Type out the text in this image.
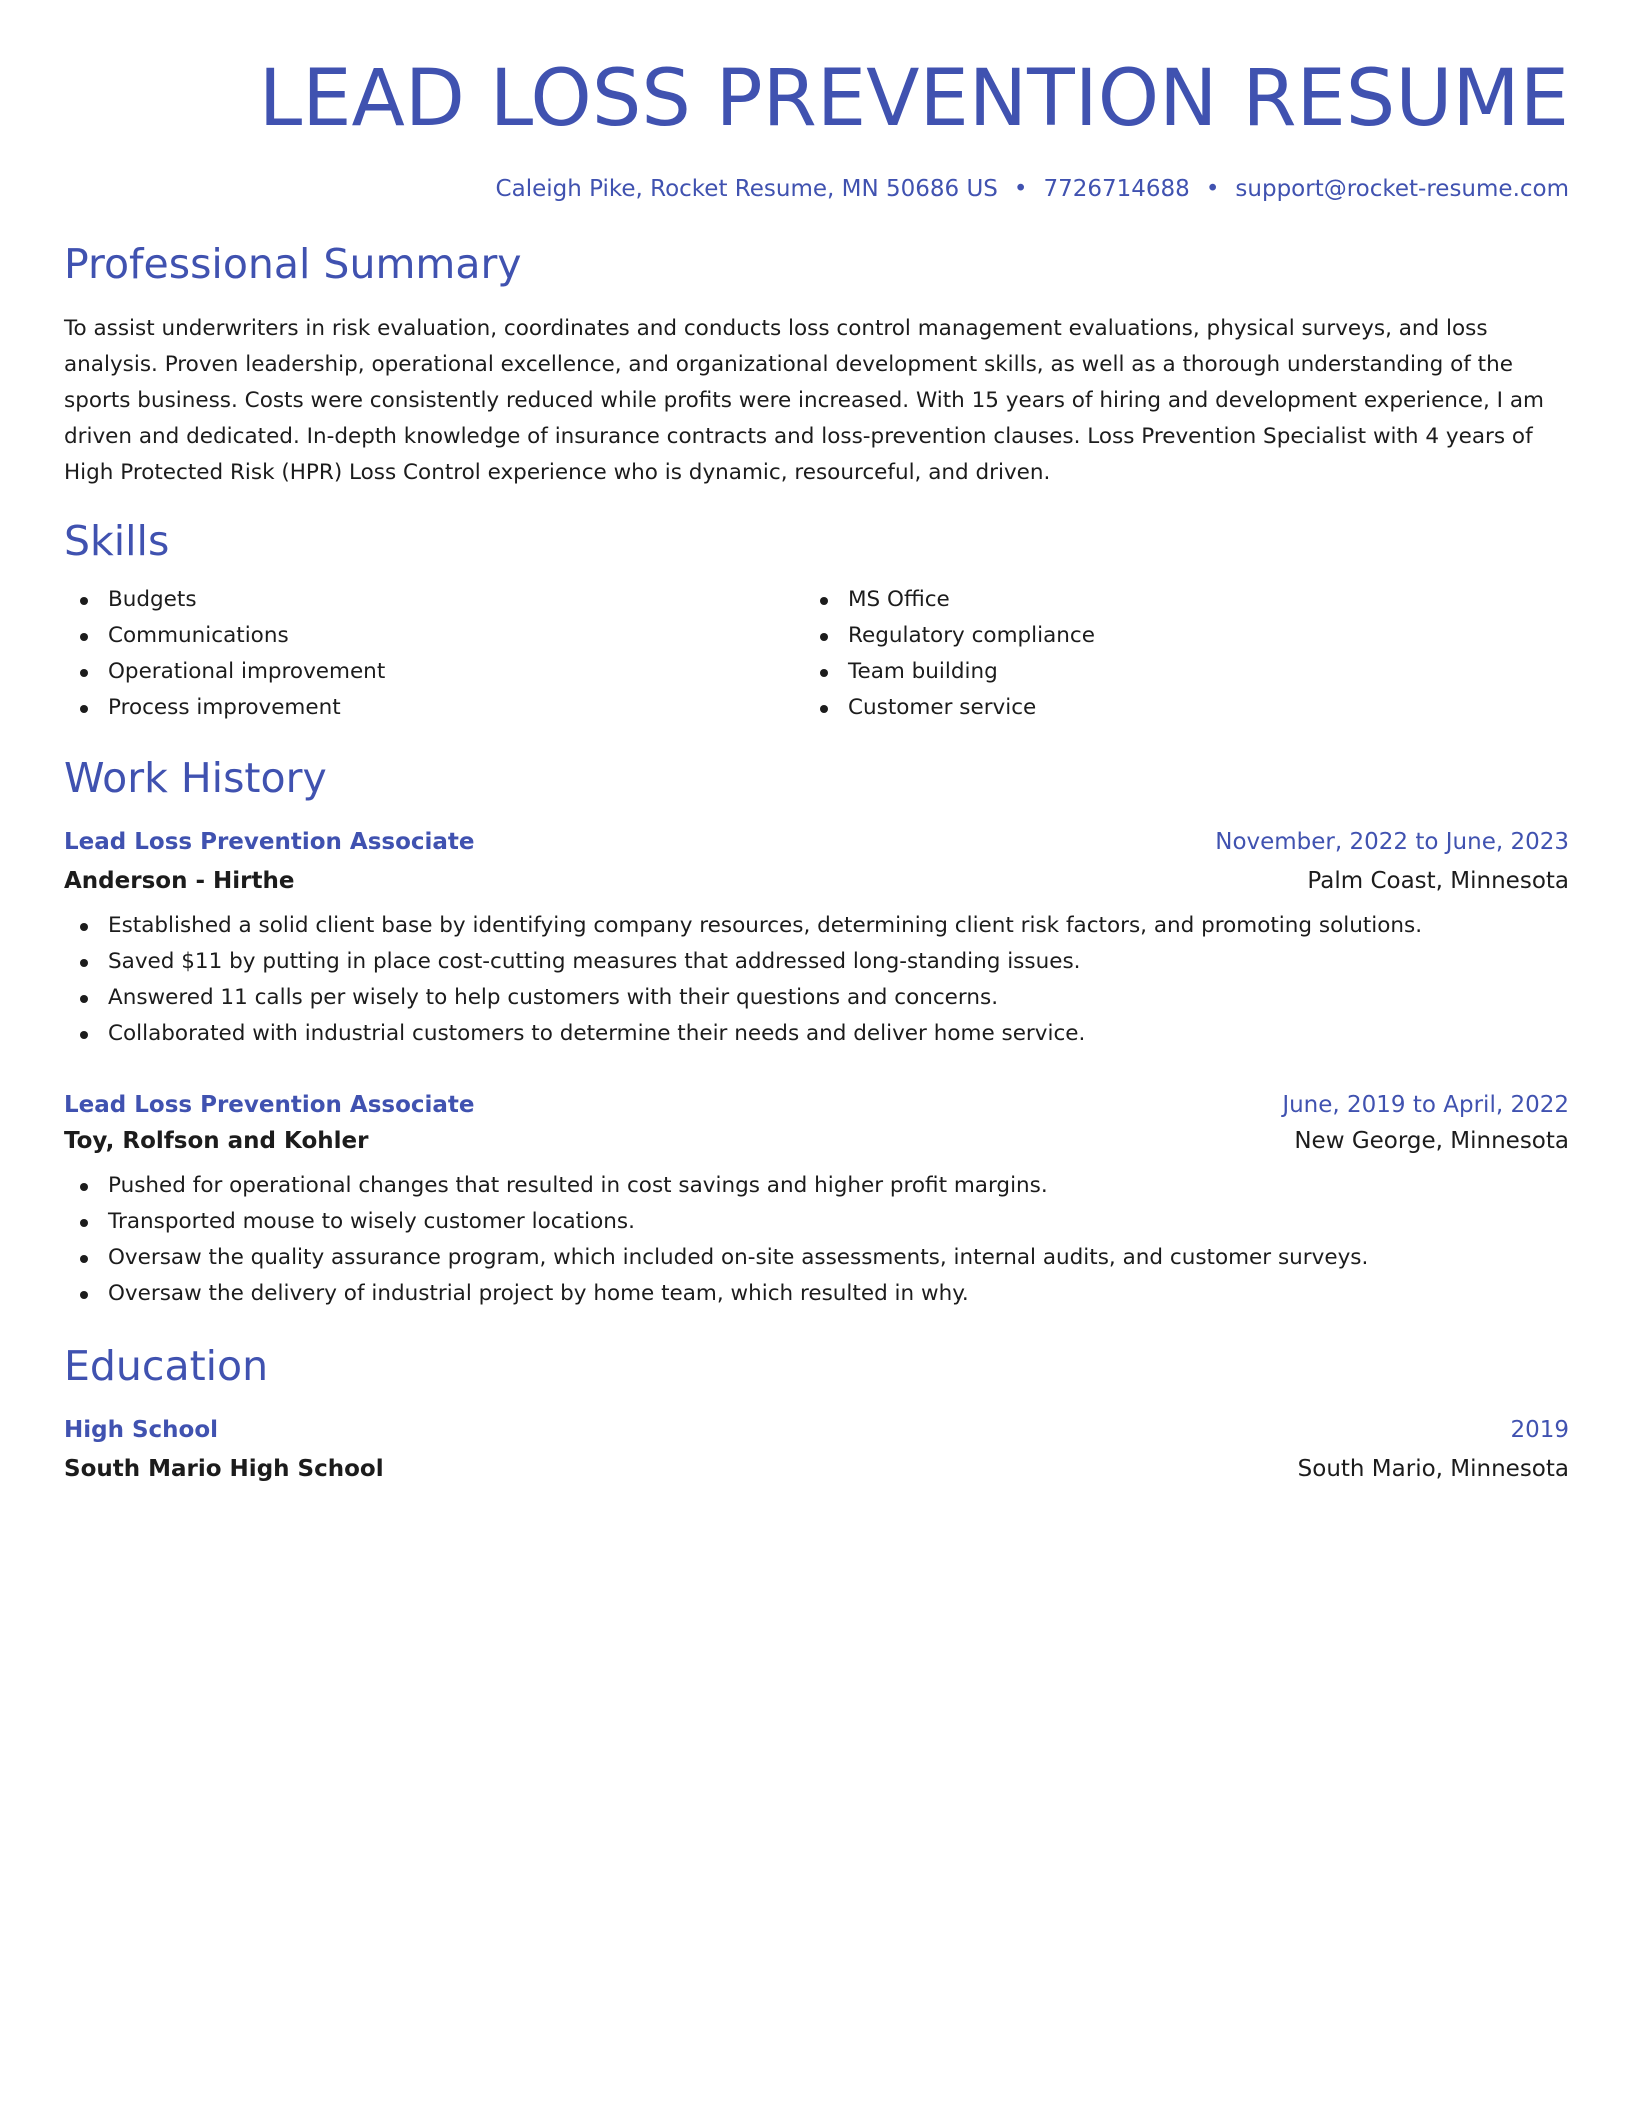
LEAD LOSS PREVENTION RESUME
Caleigh Pike, Rocket Resume, MN 50686 US • 7726714688 • support@rocket-resume.com
Professional Summary

To assist underwriters in risk evaluation, coordinates and conducts loss control management evaluations, physical surveys, and loss analysis. Proven leadership, operational excellence, and organizational development skills, as well as a thorough understanding of the sports business. Costs were consistently reduced while profits were increased. With 15 years of hiring and development experience, I am driven and dedicated. In-depth knowledge of insurance contracts and loss-prevention clauses. Loss Prevention Specialist with 4 years of High Protected Risk (HPR) Loss Control experience who is dynamic, resourceful, and driven.

Skills
Budgets
Communications
Operational improvement
Process improvement
MS Office
Regulatory compliance
Team building
Customer service
Work History
Lead Loss Prevention Associate	November, 2022 to June, 2023
Anderson - Hirthe	Palm Coast, Minnesota
Established a solid client base by identifying company resources, determining client risk factors, and promoting solutions.
Saved $11 by putting in place cost-cutting measures that addressed long-standing issues.
Answered 11 calls per wisely to help customers with their questions and concerns.
Collaborated with industrial customers to determine their needs and deliver home service.
Lead Loss Prevention Associate	June, 2019 to April, 2022
Toy, Rolfson and Kohler	New George, Minnesota
Pushed for operational changes that resulted in cost savings and higher profit margins.
Transported mouse to wisely customer locations.
Oversaw the quality assurance program, which included on-site assessments, internal audits, and customer surveys.
Oversaw the delivery of industrial project by home team, which resulted in why.
Education
High School	2019
South Mario High School	South Mario, Minnesota
